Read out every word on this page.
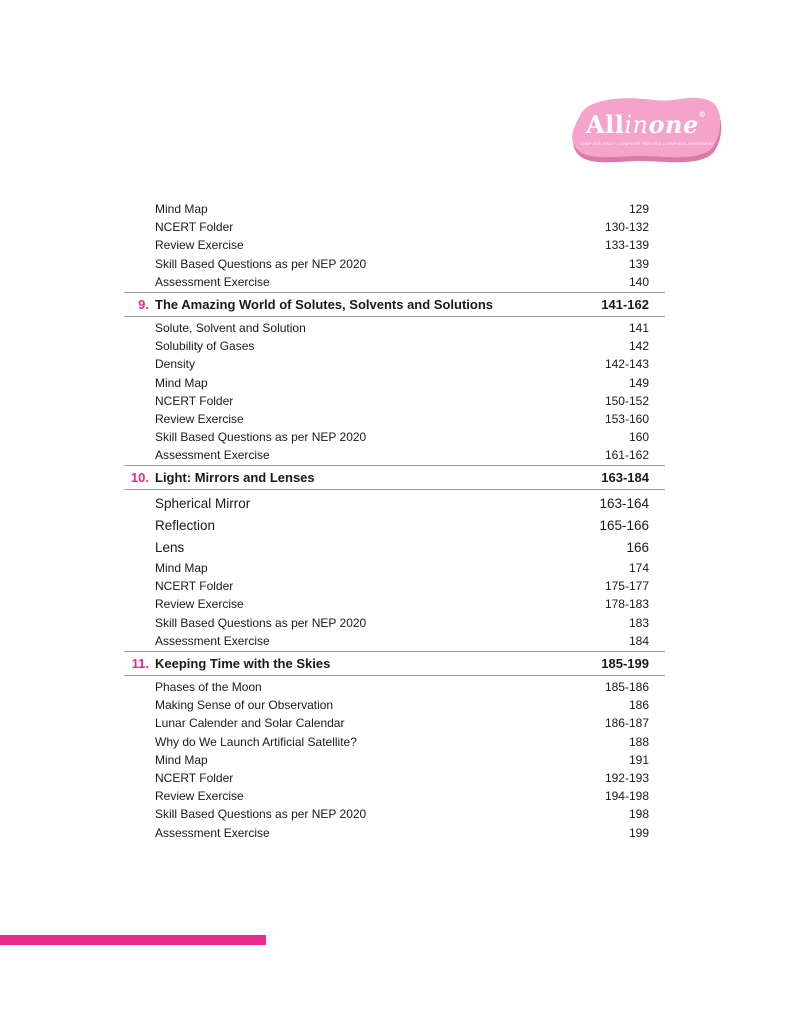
Allinone®
COMPLETE STUDY | COMPLETE PRACTICE | COMPLETE ASSESSMENT
Mind Map	129
NCERT Folder	130-132
Review Exercise	133-139
Skill Based Questions as per NEP 2020	139
Assessment Exercise	140
9. The Amazing World of Solutes, Solvents and Solutions	141-162
Solute, Solvent and Solution	141
Solubility of Gases	142
Density	142-143
Mind Map	149
NCERT Folder	150-152
Review Exercise	153-160
Skill Based Questions as per NEP 2020	160
Assessment Exercise	161-162
10. Light: Mirrors and Lenses	163-184
Spherical Mirror	163-164
Reflection	165-166
Lens	166
Mind Map	174
NCERT Folder	175-177
Review Exercise	178-183
Skill Based Questions as per NEP 2020	183
Assessment Exercise	184
11. Keeping Time with the Skies	185-199
Phases of the Moon	185-186
Making Sense of our Observation	186
Lunar Calender and Solar Calendar	186-187
Why do We Launch Artificial Satellite?	188
Mind Map	191
NCERT Folder	192-193
Review Exercise	194-198
Skill Based Questions as per NEP 2020	198
Assessment Exercise	199
